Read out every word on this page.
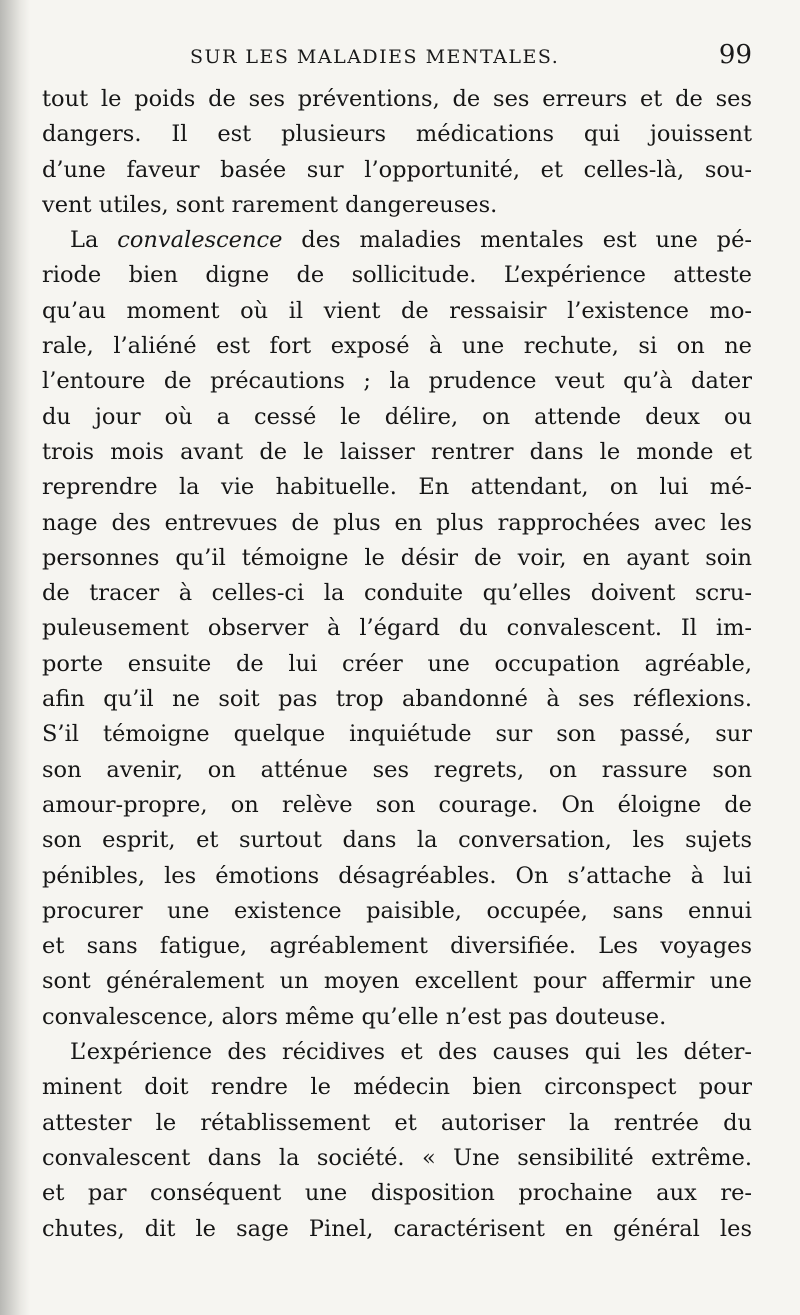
SUR LES MALADIES MENTALES.	99
tout le poids de ses préventions, de ses erreurs et de ses
dangers. Il est plusieurs médications qui jouissent
d’une faveur basée sur l’opportunité, et celles-là, sou-
vent utiles, sont rarement dangereuses.
La convalescence des maladies mentales est une pé-
riode bien digne de sollicitude. L’expérience atteste
qu’au moment où il vient de ressaisir l’existence mo-
rale, l’aliéné est fort exposé à une rechute, si on ne
l’entoure de précautions ; la prudence veut qu’à dater
du jour où a cessé le délire, on attende deux ou
trois mois avant de le laisser rentrer dans le monde et
reprendre la vie habituelle. En attendant, on lui mé-
nage des entrevues de plus en plus rapprochées avec les
personnes qu’il témoigne le désir de voir, en ayant soin
de tracer à celles-ci la conduite qu’elles doivent scru-
puleusement observer à l’égard du convalescent. Il im-
porte ensuite de lui créer une occupation agréable,
afin qu’il ne soit pas trop abandonné à ses réflexions.
S’il témoigne quelque inquiétude sur son passé, sur
son avenir, on atténue ses regrets, on rassure son
amour-propre, on relève son courage. On éloigne de
son esprit, et surtout dans la conversation, les sujets
pénibles, les émotions désagréables. On s’attache à lui
procurer une existence paisible, occupée, sans ennui
et sans fatigue, agréablement diversifiée. Les voyages
sont généralement un moyen excellent pour affermir une
convalescence, alors même qu’elle n’est pas douteuse.
L’expérience des récidives et des causes qui les déter-
minent doit rendre le médecin bien circonspect pour
attester le rétablissement et autoriser la rentrée du
convalescent dans la société. « Une sensibilité extrême.
et par conséquent une disposition prochaine aux re-
chutes, dit le sage Pinel, caractérisent en général les
